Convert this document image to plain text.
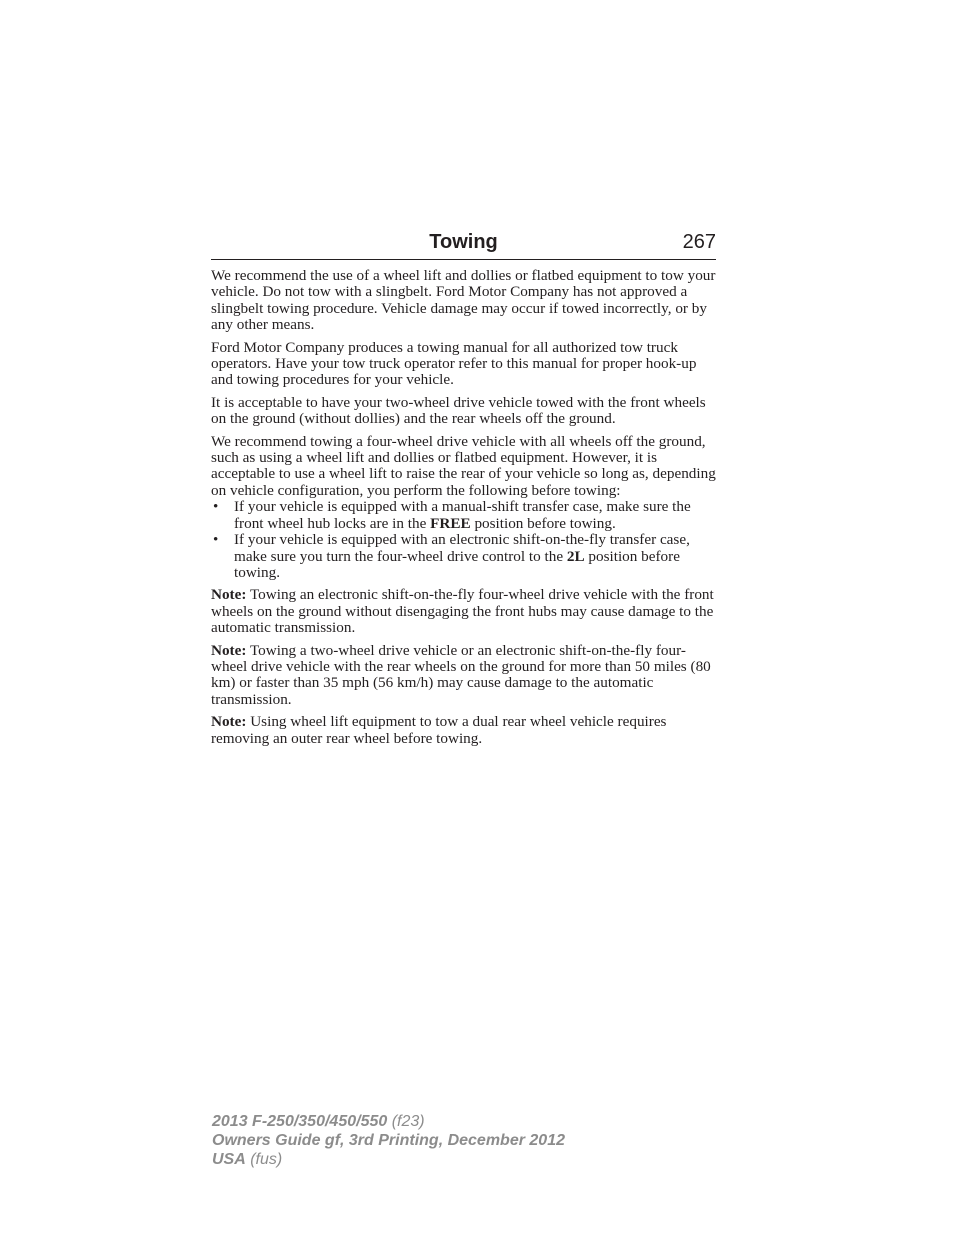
Towing	267

We recommend the use of a wheel lift and dollies or flatbed equipment to tow your vehicle. Do not tow with a slingbelt. Ford Motor Company has not approved a slingbelt towing procedure. Vehicle damage may occur if towed incorrectly, or by any other means.

Ford Motor Company produces a towing manual for all authorized tow truck operators. Have your tow truck operator refer to this manual for proper hook-up and towing procedures for your vehicle.

It is acceptable to have your two-wheel drive vehicle towed with the front wheels on the ground (without dollies) and the rear wheels off the ground.

We recommend towing a four-wheel drive vehicle with all wheels off the ground, such as using a wheel lift and dollies or flatbed equipment. However, it is acceptable to use a wheel lift to raise the rear of your vehicle so long as, depending on vehicle configuration, you perform the following before towing:

• If your vehicle is equipped with a manual-shift transfer case, make sure the front wheel hub locks are in the FREE position before towing.
• If your vehicle is equipped with an electronic shift-on-the-fly transfer case, make sure you turn the four-wheel drive control to the 2L position before towing.

Note: Towing an electronic shift-on-the-fly four-wheel drive vehicle with the front wheels on the ground without disengaging the front hubs may cause damage to the automatic transmission.

Note: Towing a two-wheel drive vehicle or an electronic shift-on-the-fly four-wheel drive vehicle with the rear wheels on the ground for more than 50 miles (80 km) or faster than 35 mph (56 km/h) may cause damage to the automatic transmission.

Note: Using wheel lift equipment to tow a dual rear wheel vehicle requires removing an outer rear wheel before towing.

2013 F-250/350/450/550 (f23)
Owners Guide gf, 3rd Printing, December 2012
USA (fus)
